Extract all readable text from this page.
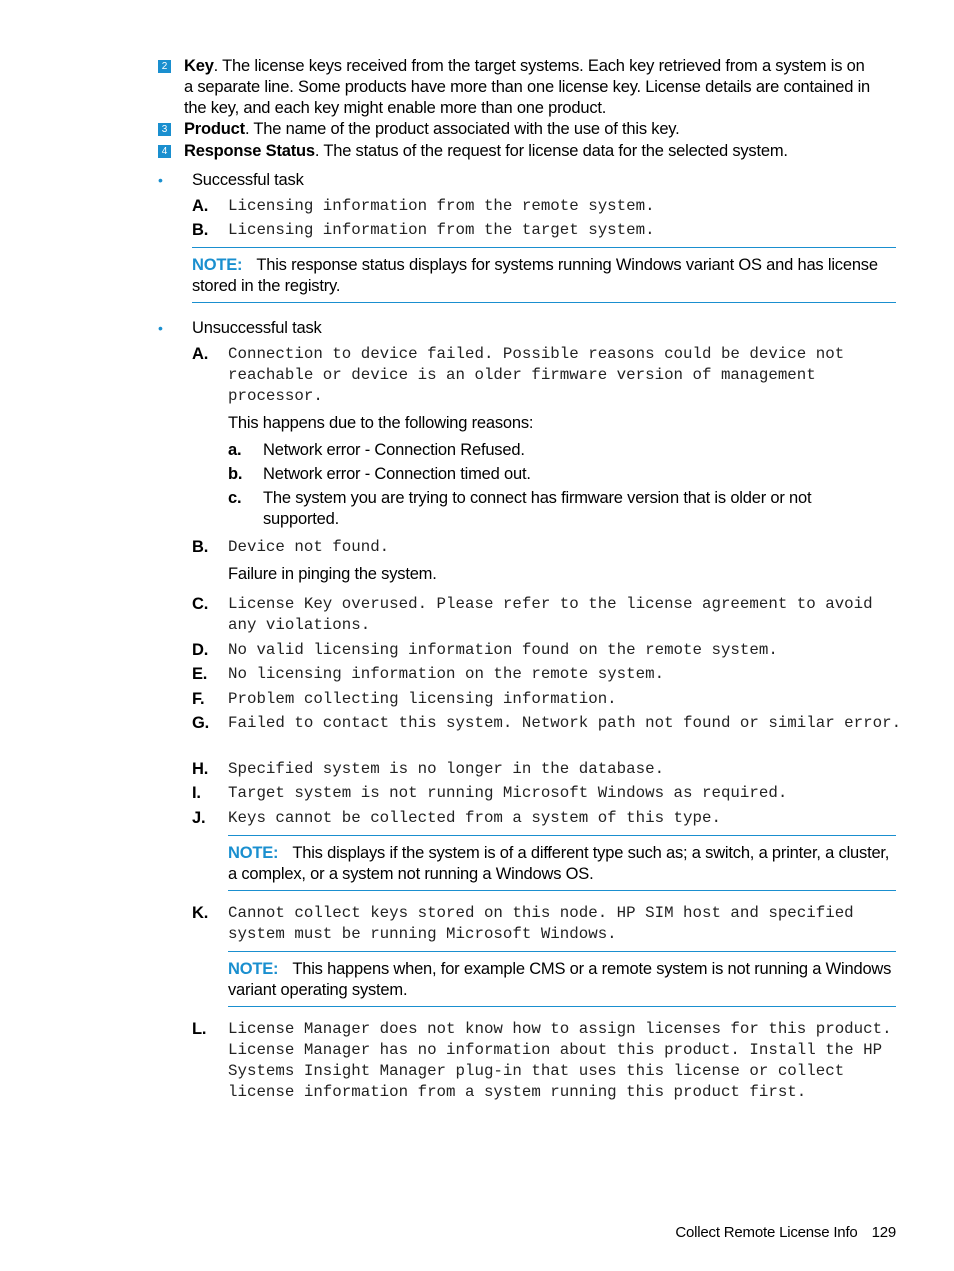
2 Key. The license keys received from the target systems. Each key retrieved from a system is on a separate line. Some products have more than one license key. License details are contained in the key, and each key might enable more than one product.
3 Product. The name of the product associated with the use of this key.
4 Response Status. The status of the request for license data for the selected system.
• Successful task
A. Licensing information from the remote system.
B. Licensing information from the target system.
NOTE: This response status displays for systems running Windows variant OS and has license stored in the registry.
• Unsuccessful task
A. Connection to device failed. Possible reasons could be device not reachable or device is an older firmware version of management processor.
This happens due to the following reasons:
a. Network error - Connection Refused.
b. Network error - Connection timed out.
c. The system you are trying to connect has firmware version that is older or not supported.
B. Device not found.
Failure in pinging the system.
C. License Key overused. Please refer to the license agreement to avoid any violations.
D. No valid licensing information found on the remote system.
E. No licensing information on the remote system.
F. Problem collecting licensing information.
G. Failed to contact this system. Network path not found or similar error.
H. Specified system is no longer in the database.
I. Target system is not running Microsoft Windows as required.
J. Keys cannot be collected from a system of this type.
NOTE: This displays if the system is of a different type such as; a switch, a printer, a cluster, a complex, or a system not running a Windows OS.
K. Cannot collect keys stored on this node. HP SIM host and specified system must be running Microsoft Windows.
NOTE: This happens when, for example CMS or a remote system is not running a Windows variant operating system.
L. License Manager does not know how to assign licenses for this product. License Manager has no information about this product. Install the HP Systems Insight Manager plug-in that uses this license or collect license information from a system running this product first.
Collect Remote License Info 129
